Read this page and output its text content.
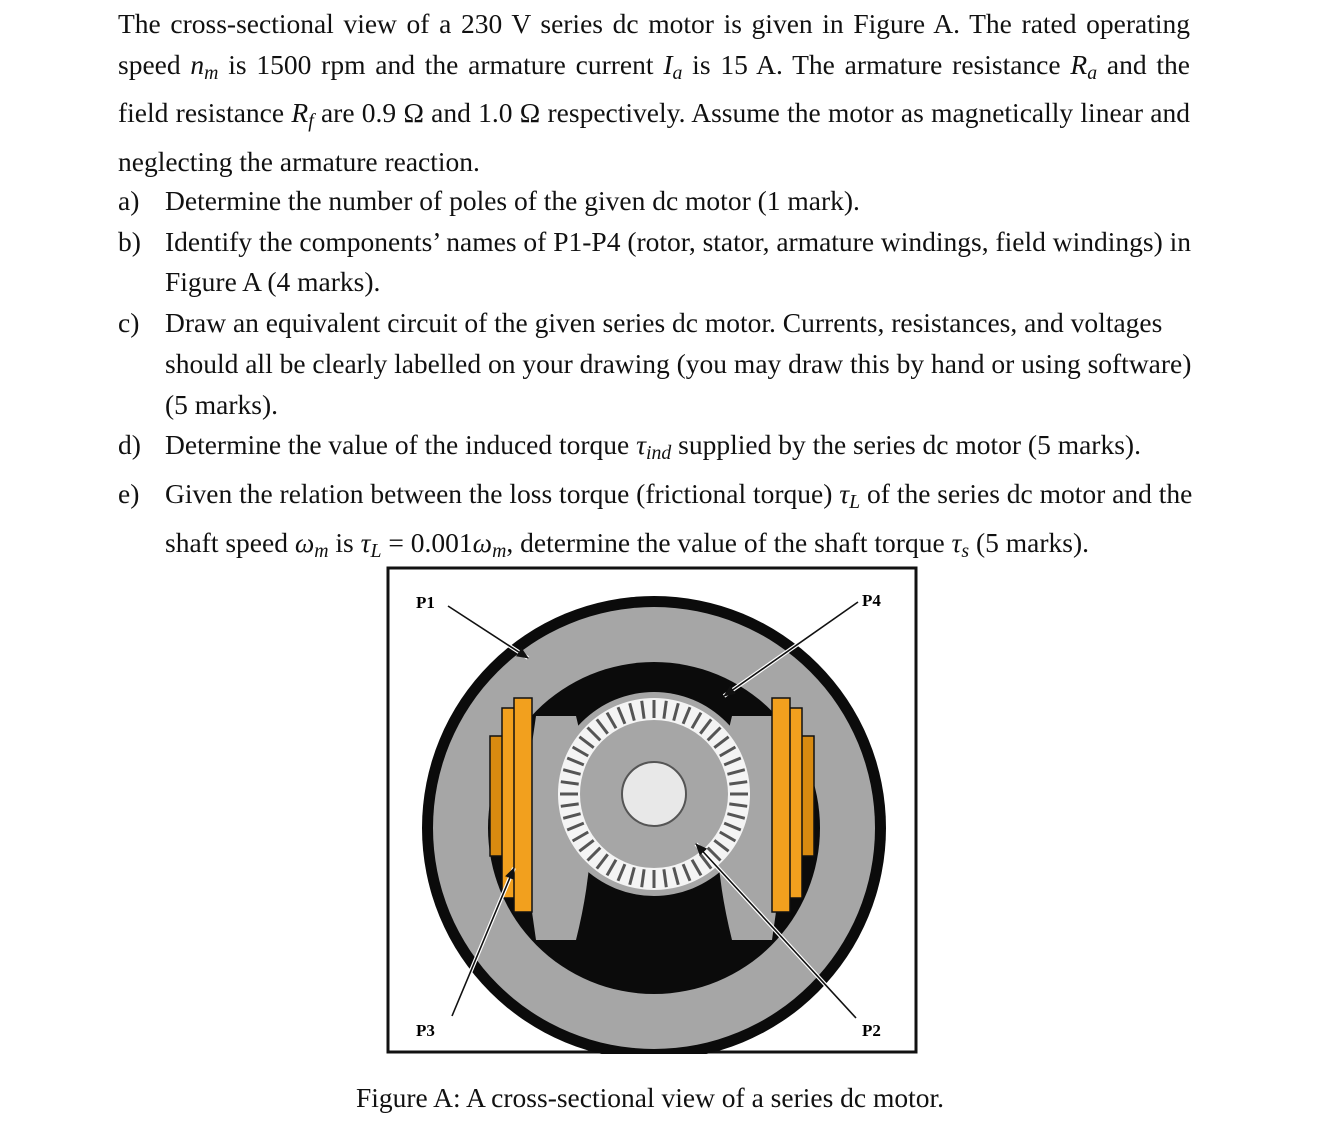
The cross-sectional view of a 230 V series dc motor is given in Figure A. The rated operating speed $n_m$ is 1500 rpm and the armature current $I_a$ is 15 A. The armature resistance $R_a$ and the field resistance $R_f$ are 0.9 Ω and 1.0 Ω respectively. Assume the motor as magnetically linear and neglecting the armature reaction.

a) Determine the number of poles of the given dc motor (1 mark).
b) Identify the components’ names of P1-P4 (rotor, stator, armature windings, field windings) in Figure A (4 marks).
c) Draw an equivalent circuit of the given series dc motor. Currents, resistances, and voltages should all be clearly labelled on your drawing (you may draw this by hand or using software) (5 marks).
d) Determine the value of the induced torque $\tau_{ind}$ supplied by the series dc motor (5 marks).
e) Given the relation between the loss torque (frictional torque) $\tau_L$ of the series dc motor and the shaft speed $\omega_m$ is $\tau_L = 0.001\omega_m$, determine the value of the shaft torque $\tau_s$ (5 marks).
P1	P4
P3	P2
Figure A: A cross-sectional view of a series dc motor.
